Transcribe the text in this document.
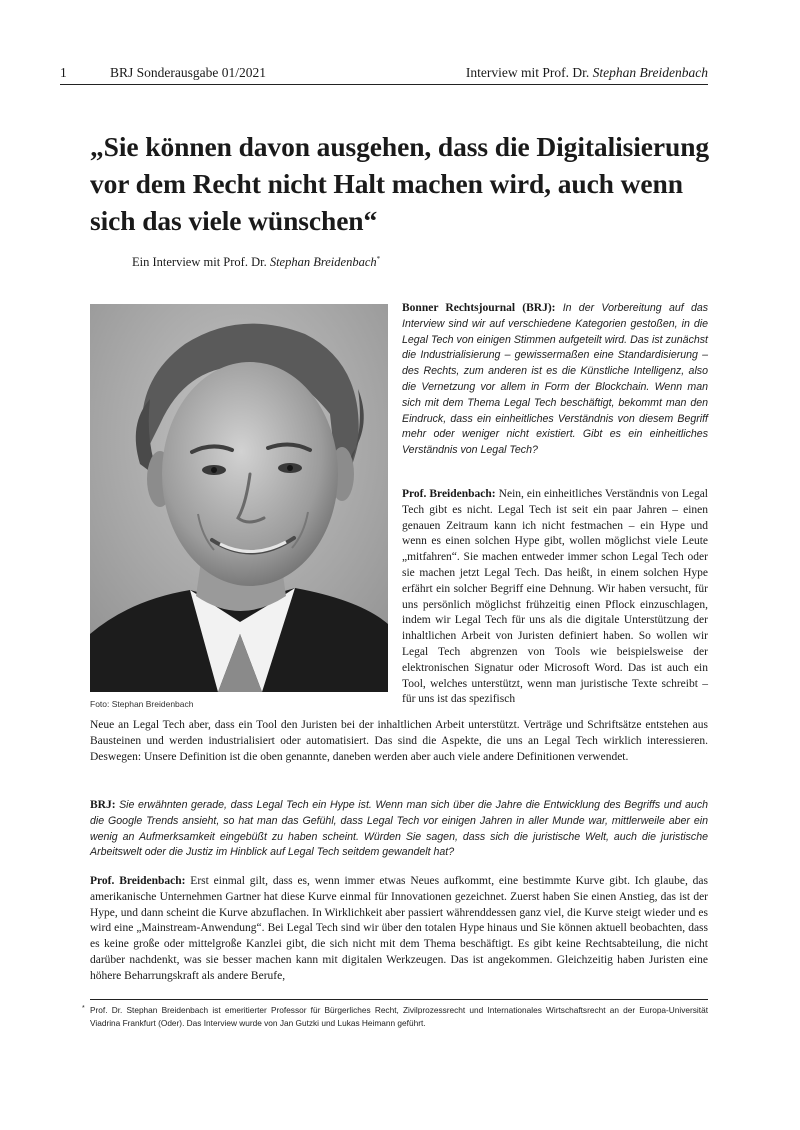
1	BRJ Sonderausgabe 01/2021	Interview mit Prof. Dr. Stephan Breidenbach
„Sie können davon ausgehen, dass die Digitalisierung vor dem Recht nicht Halt machen wird, auch wenn sich das viele wünschen“
Ein Interview mit Prof. Dr. Stephan Breidenbach*
Foto: Stephan Breidenbach

Bonner Rechtsjournal (BRJ): In der Vorbereitung auf das Interview sind wir auf verschiedene Kategorien gestoßen, in die Legal Tech von einigen Stimmen aufgeteilt wird. Das ist zunächst die Industrialisierung – gewissermaßen eine Standardisierung – des Rechts, zum anderen ist es die Künstliche Intelligenz, also die Vernetzung vor allem in Form der Blockchain. Wenn man sich mit dem Thema Legal Tech beschäftigt, bekommt man den Eindruck, dass ein einheitliches Verständnis von diesem Begriff mehr oder weniger nicht existiert. Gibt es ein einheitliches Verständnis von Legal Tech?

Prof. Breidenbach: Nein, ein einheitliches Verständnis von Legal Tech gibt es nicht. Legal Tech ist seit ein paar Jahren – einen genauen Zeitraum kann ich nicht festmachen – ein Hype und wenn es einen solchen Hype gibt, wollen möglichst viele Leute „mitfahren“. Sie machen entweder immer schon Legal Tech oder sie machen jetzt Legal Tech. Das heißt, in einem solchen Hype erfährt ein solcher Begriff eine Dehnung. Wir haben versucht, für uns persönlich möglichst frühzeitig einen Pflock einzuschlagen, indem wir Legal Tech für uns als die digitale Unterstützung der inhaltlichen Arbeit von Juristen definiert haben. So wollen wir Legal Tech abgrenzen von Tools wie beispielsweise der elektronischen Signatur oder Microsoft Word. Das ist auch ein Tool, welches unterstützt, wenn man juristische Texte schreibt – für uns ist das spezifisch

Neue an Legal Tech aber, dass ein Tool den Juristen bei der inhaltlichen Arbeit unterstützt. Verträge und Schriftsätze entstehen aus Bausteinen und werden industrialisiert oder automatisiert. Das sind die Aspekte, die uns an Legal Tech wirklich interessieren. Deswegen: Unsere Definition ist die oben genannte, daneben werden aber auch viele andere Definitionen verwendet.

BRJ: Sie erwähnten gerade, dass Legal Tech ein Hype ist. Wenn man sich über die Jahre die Entwicklung des Begriffs und auch die Google Trends ansieht, so hat man das Gefühl, dass Legal Tech vor einigen Jahren in aller Munde war, mittlerweile aber ein wenig an Aufmerksamkeit eingebüßt zu haben scheint. Würden Sie sagen, dass sich die juristische Welt, auch die juristische Arbeitswelt oder die Justiz im Hinblick auf Legal Tech seitdem gewandelt hat?

Prof. Breidenbach: Erst einmal gilt, dass es, wenn immer etwas Neues aufkommt, eine bestimmte Kurve gibt. Ich glaube, das amerikanische Unternehmen Gartner hat diese Kurve einmal für Innovationen gezeichnet. Zuerst haben Sie einen Anstieg, das ist der Hype, und dann scheint die Kurve abzuflachen. In Wirklichkeit aber passiert währenddessen ganz viel, die Kurve steigt wieder und es wird eine „Mainstream-Anwendung“. Bei Legal Tech sind wir über den totalen Hype hinaus und Sie können aktuell beobachten, dass es keine große oder mittelgroße Kanzlei gibt, die sich nicht mit dem Thema beschäftigt. Es gibt keine Rechtsabteilung, die nicht darüber nachdenkt, was sie besser machen kann mit digitalen Werkzeugen. Das ist angekommen. Gleichzeitig haben Juristen eine höhere Beharrungskraft als andere Berufe,

* Prof. Dr. Stephan Breidenbach ist emeritierter Professor für Bürgerliches Recht, Zivilprozessrecht und Internationales Wirtschaftsrecht an der Europa-Universität Viadrina Frankfurt (Oder). Das Interview wurde von Jan Gutzki und Lukas Heimann geführt.
